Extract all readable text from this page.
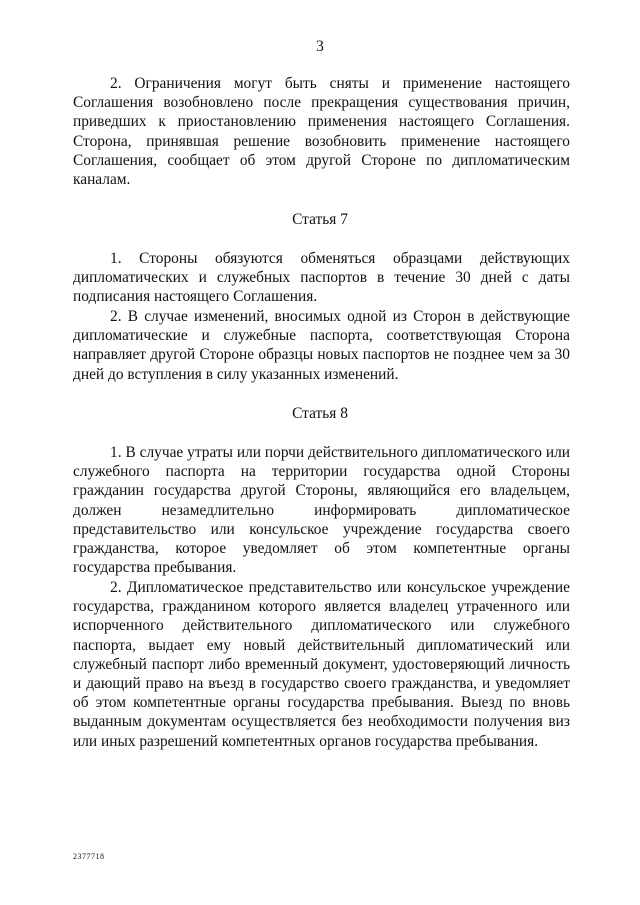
3

2. Ограничения могут быть сняты и применение настоящего Соглашения возобновлено после прекращения существования причин, приведших к приостановлению применения настоящего Соглашения. Сторона, принявшая решение возобновить применение настоящего Соглашения, сообщает об этом другой Стороне по дипломатическим каналам.

Статья 7

1. Стороны обязуются обменяться образцами действующих дипломатических и служебных паспортов в течение 30 дней с даты подписания настоящего Соглашения.

2. В случае изменений, вносимых одной из Сторон в действующие дипломатические и служебные паспорта, соответствующая Сторона направляет другой Стороне образцы новых паспортов не позднее чем за 30 дней до вступления в силу указанных изменений.

Статья 8

1. В случае утраты или порчи действительного дипломатического или служебного паспорта на территории государства одной Стороны гражданин государства другой Стороны, являющийся его владельцем, должен незамедлительно информировать дипломатическое представительство или консульское учреждение государства своего гражданства, которое уведомляет об этом компетентные органы государства пребывания.

2. Дипломатическое представительство или консульское учреждение государства, гражданином которого является владелец утраченного или испорченного действительного дипломатического или служебного паспорта, выдает ему новый действительный дипломатический или служебный паспорт либо временный документ, удостоверяющий личность и дающий право на въезд в государство своего гражданства, и уведомляет об этом компетентные органы государства пребывания. Выезд по вновь выданным документам осуществляется без необходимости получения виз или иных разрешений компетентных органов государства пребывания.

2377718
